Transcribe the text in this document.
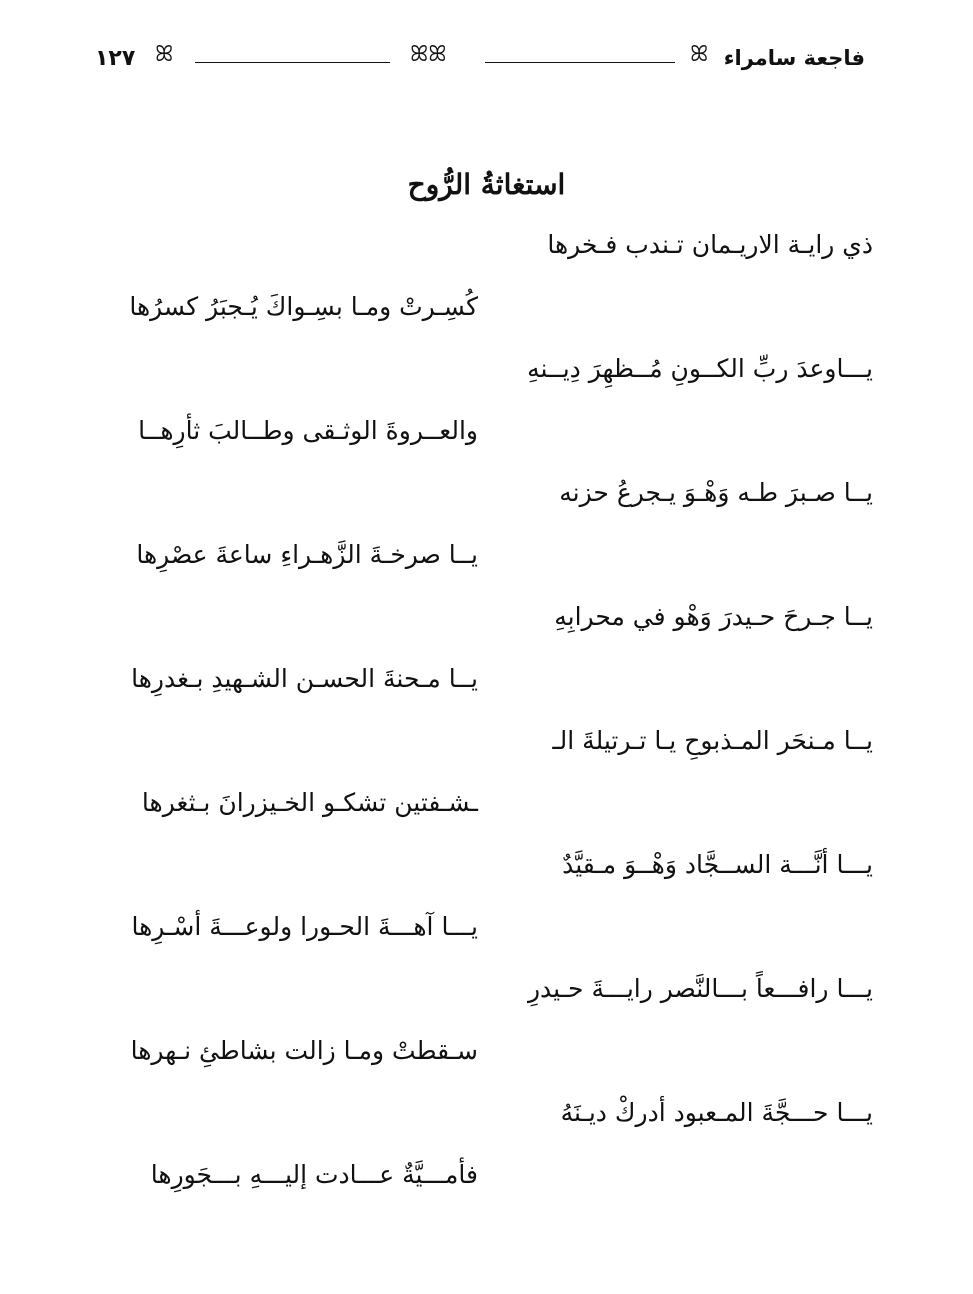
١٢٧ ꕤ	ꕤꕤ	ꕤ فاجعة سامراء
استغاثةُ الرُّوح
ذي رايـة الاريـمان تـندب فـخرها
كُسِـرتْ ومـا بسِـواكَ يُـجبَرُ كسرُها
يـــاوعدَ ربِّ الكــونِ مُــظهِرَ دِيــنهِ
والعــروةَ الوثـقى وطــالبَ ثأرِهــا
يــا صـبرَ طـه وَهْـوَ يـجرعُ حزنه
يــا صرخـةَ الزَّهـراءِ ساعةَ عصْرِها
يــا جـرحَ حـيدرَ وَهْو في محرابِهِ
يــا مـحنةَ الحسـن الشـهيدِ بـغدرِها
يــا مـنحَر المـذبوحِ يـا تـرتيلةَ الـ
ـشـفتين تشكـو الخـيزرانَ بـثغرها
يـــا أنَّـــة الســجَّاد وَهْــوَ مـقيَّدٌ
يـــا آهـــةَ الحـورا ولوعـــةَ أسْـرِها
يـــا رافـــعاً بـــالنَّصر رايـــةَ حـيدرِ
سـقطتْ ومـا زالت بشاطئِ نـهرها
يـــا حـــجَّةَ المـعبود أدركْ ديـنَهُ
فأمـــيَّةٌ عـــادت إليـــهِ بـــجَورِها
